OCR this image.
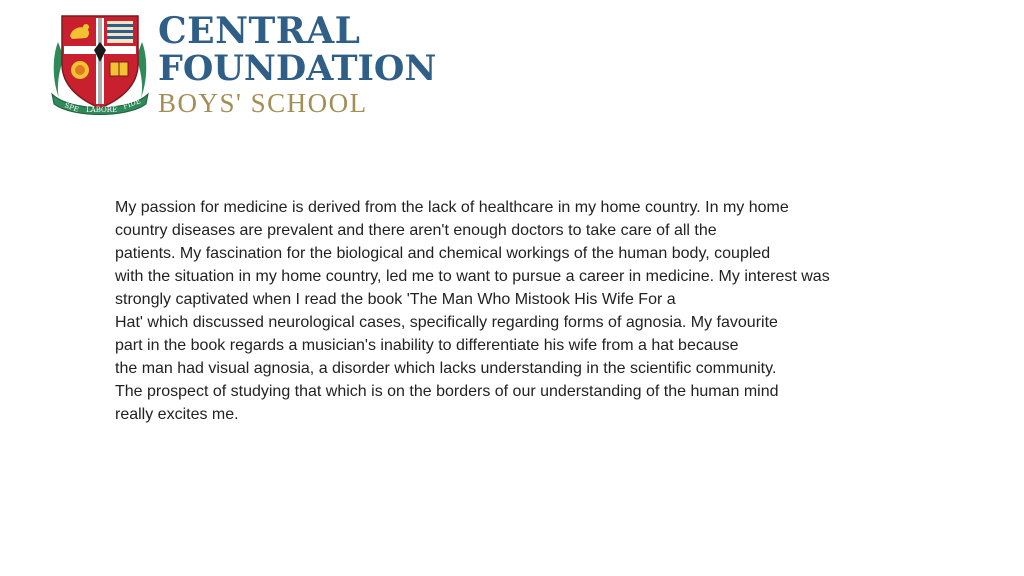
SPE LABORE FIDE
CENTRAL
FOUNDATION
BOYS' SCHOOL
My passion for medicine is derived from the lack of healthcare in my home country. In my home
country diseases are prevalent and there aren't enough doctors to take care of all the
patients. My fascination for the biological and chemical workings of the human body, coupled
with the situation in my home country, led me to want to pursue a career in medicine. My interest was
strongly captivated when I read the book 'The Man Who Mistook His Wife For a
Hat' which discussed neurological cases, specifically regarding forms of agnosia. My favourite
part in the book regards a musician's inability to differentiate his wife from a hat because
the man had visual agnosia, a disorder which lacks understanding in the scientific community.
The prospect of studying that which is on the borders of our understanding of the human mind
really excites me.
